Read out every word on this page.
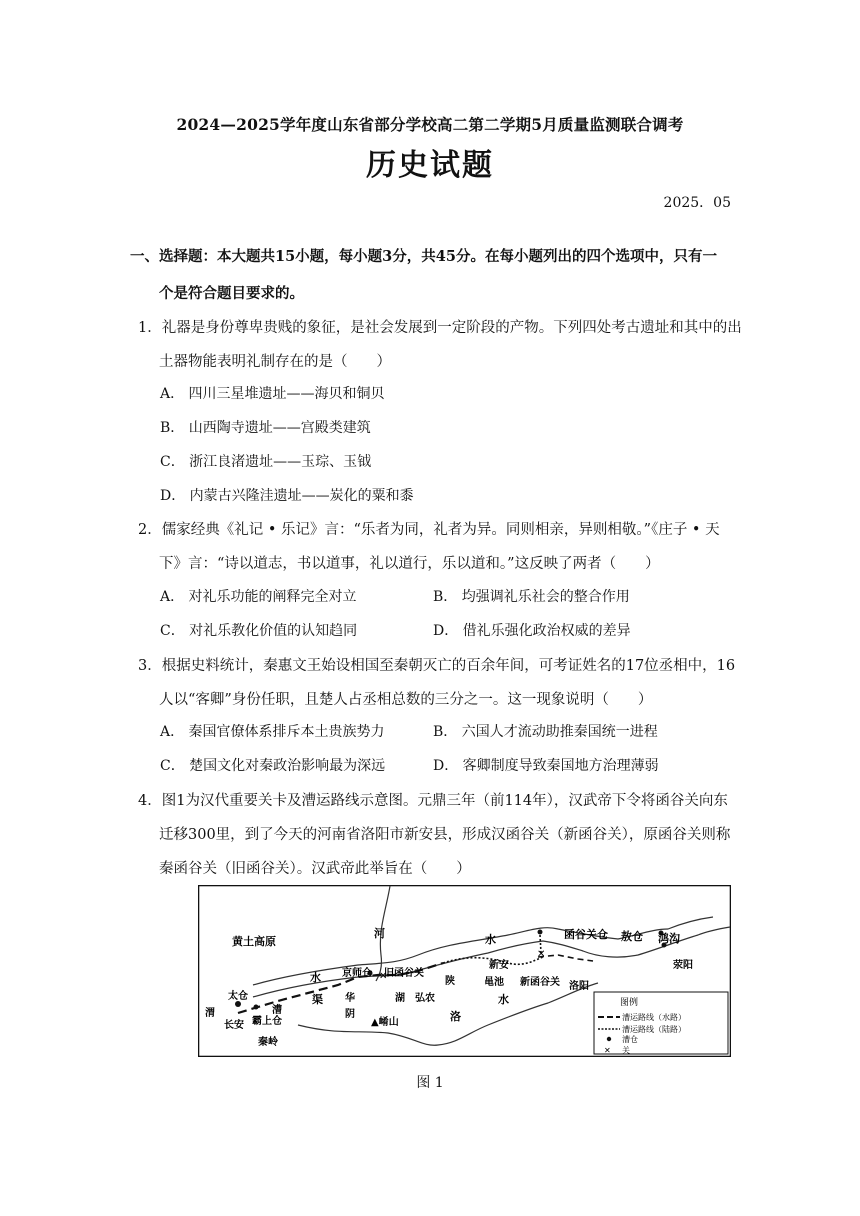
2024—2025学年度山东省部分学校高二第二学期5月质量监测联合调考
历史试题
2025．05
一、选择题：本大题共15小题，每小题3分，共45分。在每小题列出的四个选项中，只有一
个是符合题目要求的。
1．礼器是身份尊卑贵贱的象征，是社会发展到一定阶段的产物。下列四处考古遗址和其中的出
土器物能表明礼制存在的是（　　）
A． 四川三星堆遗址——海贝和铜贝
B． 山西陶寺遗址——宫殿类建筑
C． 浙江良渚遗址——玉琮、玉钺
D． 内蒙古兴隆洼遗址——炭化的粟和黍
2．儒家经典《礼记 • 乐记》言：“乐者为同，礼者为异。同则相亲，异则相敬。”《庄子 • 天
下》言：“诗以道志，书以道事，礼以道行，乐以道和。”这反映了两者（　　）
A． 对礼乐功能的阐释完全对立	B． 均强调礼乐社会的整合作用
C． 对礼乐教化价值的认知趋同	D． 借礼乐强化政治权威的差异
3．根据史料统计，秦惠文王始设相国至秦朝灭亡的百余年间，可考证姓名的17位丞相中，16
人以“客卿”身份任职，且楚人占丞相总数的三分之一。这一现象说明（　　）
A． 秦国官僚体系排斥本土贵族势力	B． 六国人才流动助推秦国统一进程
C． 楚国文化对秦政治影响最为深远	D． 客卿制度导致秦国地方治理薄弱
4．图1为汉代重要关卡及漕运路线示意图。元鼎三年（前114年），汉武帝下令将函谷关向东
迁移300里，到了今天的河南省洛阳市新安县，形成汉函谷关（新函谷关），原函谷关则称
秦函谷关（旧函谷关）。汉武帝此举旨在（　　）
✕
✕
黄土高原
河	水	函谷关仓 敖仓 鸿沟
荥阳
京师仓 旧函谷关
新安
陕	黾池 新函谷关 洛阳
水
太仓
渭
长安 霸上仓
漕
渠 华
阴
湖 弘农	水
洛
▲崤山
秦岭
图例
漕运路线（水路）
漕运路线（陆路）
漕仓
✕ 关
图 1
